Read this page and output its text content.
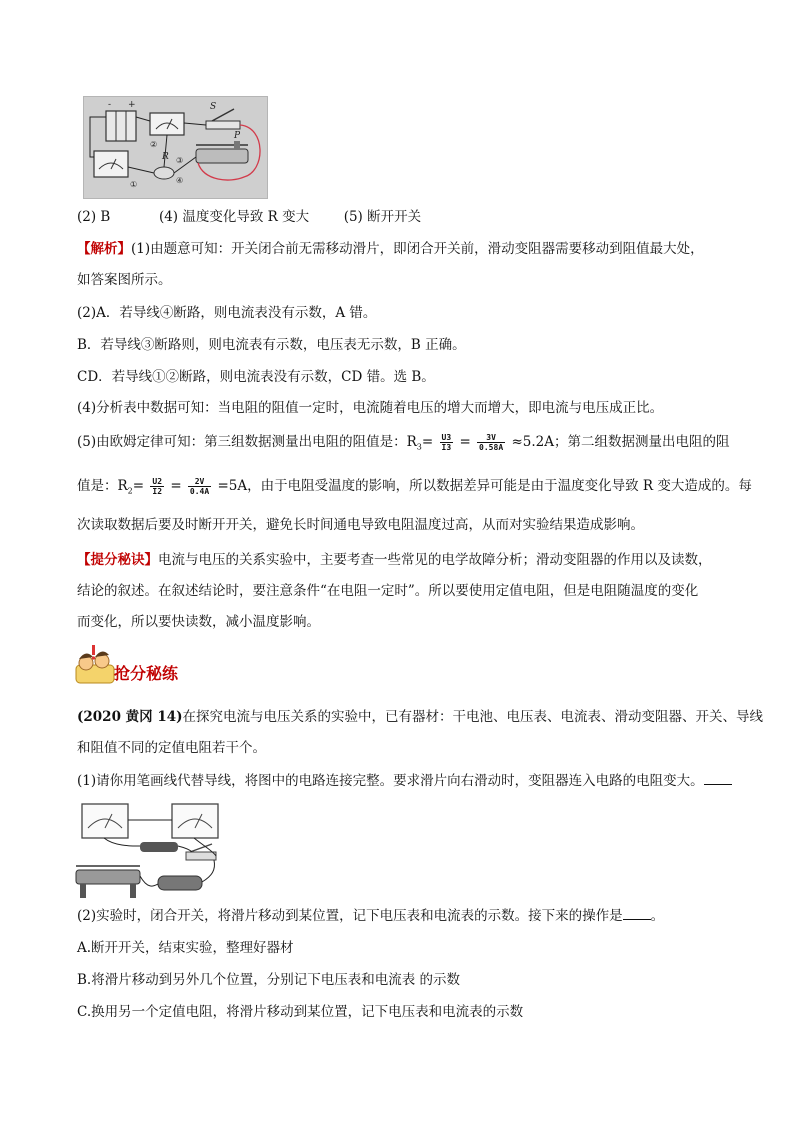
- +
②
①
R ③
④
S
P
(2) B	(4) 温度变化导致 R 变大	(5) 断开开关
【解析】(1)由题意可知：开关闭合前无需移动滑片，即闭合开关前，滑动变阻器需要移动到阻值最大处，
如答案图所示。
(2)A．若导线④断路，则电流表没有示数，A 错。
B．若导线③断路则，则电流表有示数，电压表无示数，B 正确。
CD．若导线①②断路，则电流表没有示数，CD 错。选 B。
(4)分析表中数据可知：当电阻的阻值一定时，电流随着电压的增大而增大，即电流与电压成正比。
(5)由欧姆定律可知：第三组数据测量出电阻的阻值是：$R_3= \frac{U3}{I3} = \frac{3V}{0.58A} \approx 5.2A$；第二组数据测量出电阻的阻
值是：$R_2= \frac{U2}{I2} = \frac{2V}{0.4A} =5A$，由于电阻受温度的影响，所以数据差异可能是由于温度变化导致 R 变大造成的。每
次读取数据后要及时断开开关，避免长时间通电导致电阻温度过高，从而对实验结果造成影响。
【提分秘诀】电流与电压的关系实验中，主要考查一些常见的电学故障分析；滑动变阻器的作用以及读数，
结论的叙述。在叙述结论时，要注意条件“在电阻一定时”。所以要使用定值电阻，但是电阻随温度的变化
而变化，所以要快读数，减小温度影响。
抢分秘练
(2020 黄冈 14)在探究电流与电压关系的实验中，已有器材：干电池、电压表、电流表、滑动变阻器、开关、导线
和阻值不同的定值电阻若干个。
(1)请你用笔画线代替导线，将图中的电路连接完整。要求滑片向右滑动时，变阻器连入电路的电阻变大。
(2)实验时，闭合开关，将滑片移动到某位置，记下电压表和电流表的示数。接下来的操作是 。
A.断开开关，结束实验，整理好器材
B.将滑片移动到另外几个位置，分别记下电压表和电流表 的示数
C.换用另一个定值电阻，将滑片移动到某位置，记下电压表和电流表的示数
